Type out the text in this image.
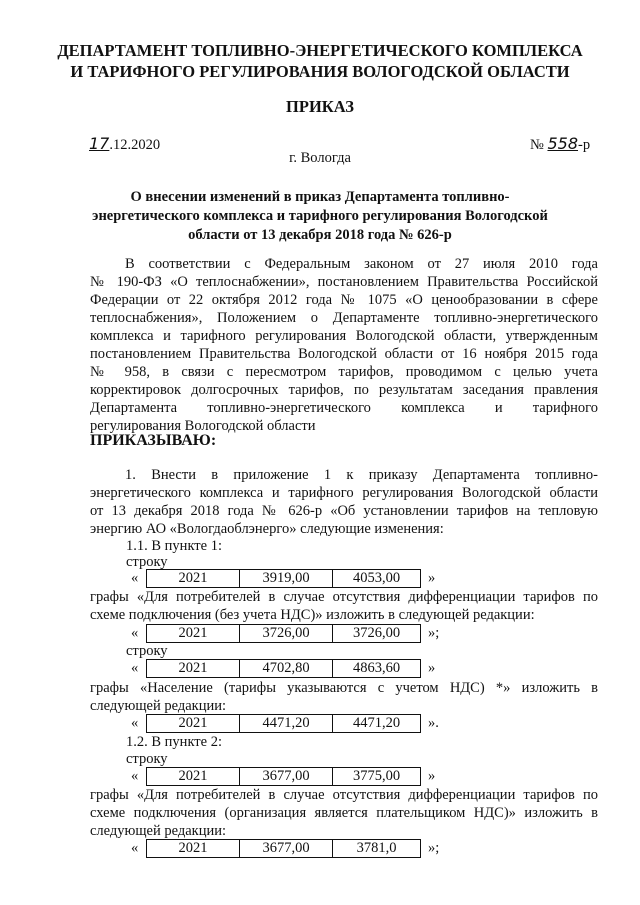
ДЕПАРТАМЕНТ ТОПЛИВНО-ЭНЕРГЕТИЧЕСКОГО КОМПЛЕКСА
И ТАРИФНОГО РЕГУЛИРОВАНИЯ ВОЛОГОДСКОЙ ОБЛАСТИ
ПРИКАЗ
17.12.2020	№ 558-р
г. Вологда
О внесении изменений в приказ Департамента топливно-
энергетического комплекса и тарифного регулирования Вологодской
области от 13 декабря 2018 года № 626-р
В соответствии с Федеральным законом от 27 июля 2010 года
№ 190-ФЗ «О теплоснабжении», постановлением Правительства Российской
Федерации от 22 октября 2012 года № 1075 «О ценообразовании в сфере
теплоснабжения», Положением о Департаменте топливно-энергетического
комплекса и тарифного регулирования Вологодской области, утвержденным
постановлением Правительства Вологодской области от 16 ноября 2015 года
№ 958, в связи с пересмотром тарифов, проводимом с целью учета
корректировок долгосрочных тарифов, по результатам заседания правления
Департамента топливно-энергетического комплекса и тарифного
регулирования Вологодской области
ПРИКАЗЫВАЮ:
1. Внести в приложение 1 к приказу Департамента топливно-
энергетического комплекса и тарифного регулирования Вологодской области
от 13 декабря 2018 года № 626-р «Об установлении тарифов на тепловую
энергию АО «Вологдаоблэнерго» следующие изменения:
1.1. В пункте 1:
строку
«	2021	3919,00	4053,00 »
графы «Для потребителей в случае отсутствия дифференциации тарифов по
схеме подключения (без учета НДС)» изложить в следующей редакции:
«	2021	3726,00	3726,00 »;
строку
«	2021	4702,80	4863,60 »
графы «Население (тарифы указываются с учетом НДС) *» изложить в
следующей редакции:
«	2021	4471,20	4471,20 ».
1.2. В пункте 2:
строку
«	2021	3677,00	3775,00 »
графы «Для потребителей в случае отсутствия дифференциации тарифов по
схеме подключения (организация является плательщиком НДС)» изложить в
следующей редакции:
«	2021	3677,00	3781,0 »;
